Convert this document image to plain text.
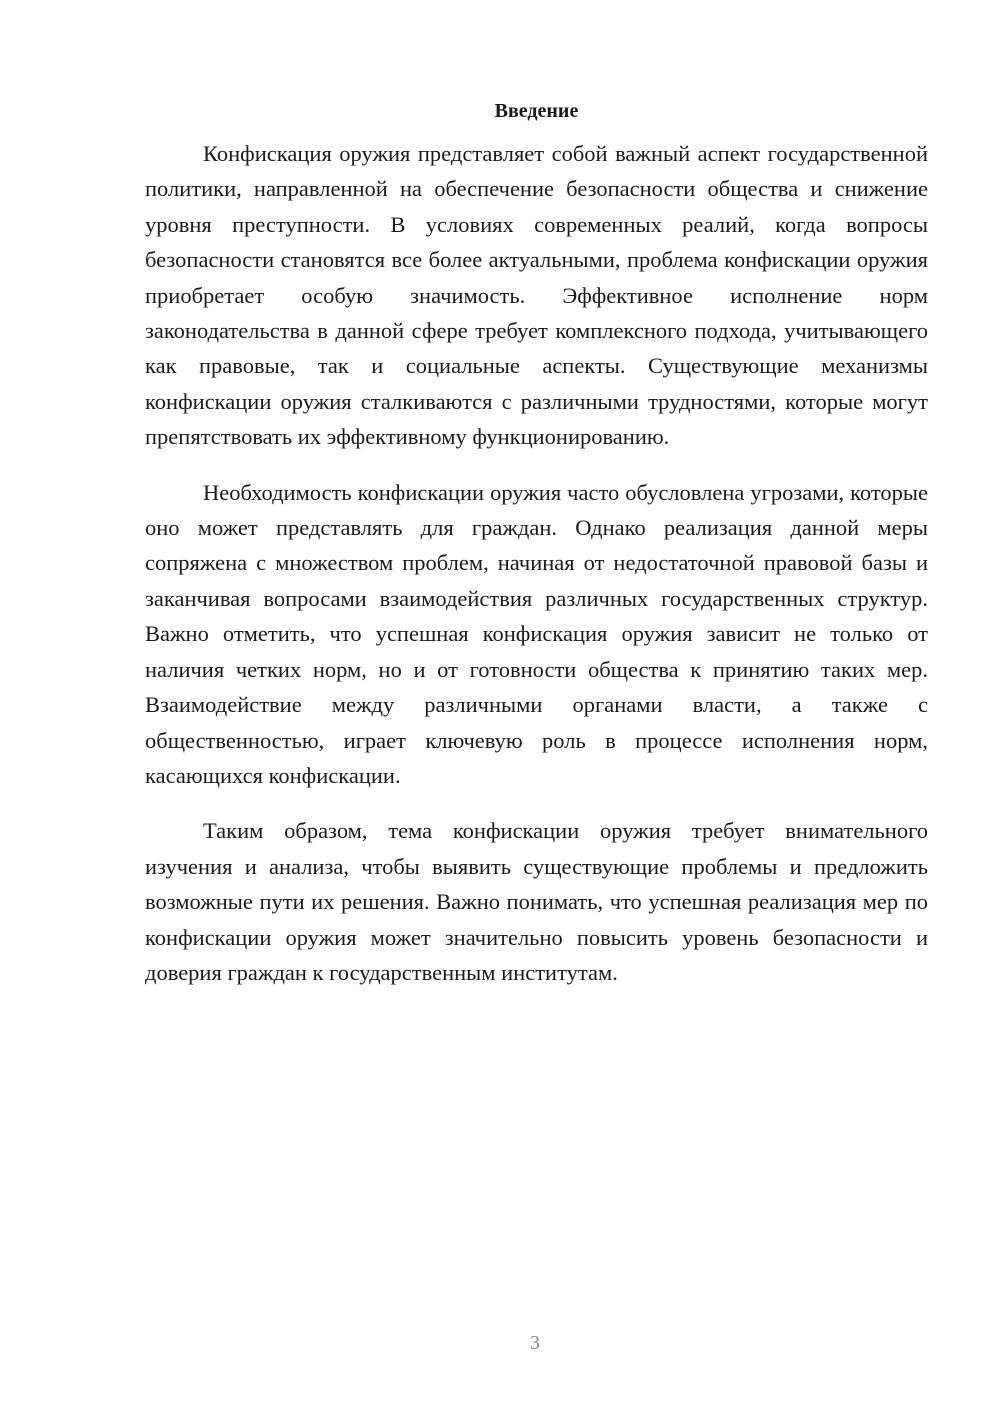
Введение

Конфискация оружия представляет собой важный аспект государственной политики, направленной на обеспечение безопасности общества и снижение уровня преступности. В условиях современных реалий, когда вопросы безопасности становятся все более актуальными, проблема конфискации оружия приобретает особую значимость. Эффективное исполнение норм законодательства в данной сфере требует комплексного подхода, учитывающего как правовые, так и социальные аспекты. Существующие механизмы конфискации оружия сталкиваются с различными трудностями, которые могут препятствовать их эффективному функционированию.

Необходимость конфискации оружия часто обусловлена угрозами, которые оно может представлять для граждан. Однако реализация данной меры сопряжена с множеством проблем, начиная от недостаточной правовой базы и заканчивая вопросами взаимодействия различных государственных структур. Важно отметить, что успешная конфискация оружия зависит не только от наличия четких норм, но и от готовности общества к принятию таких мер. Взаимодействие между различными органами власти, а также с общественностью, играет ключевую роль в процессе исполнения норм, касающихся конфискации.

Таким образом, тема конфискации оружия требует внимательного изучения и анализа, чтобы выявить существующие проблемы и предложить возможные пути их решения. Важно понимать, что успешная реализация мер по конфискации оружия может значительно повысить уровень безопасности и доверия граждан к государственным институтам.

3
